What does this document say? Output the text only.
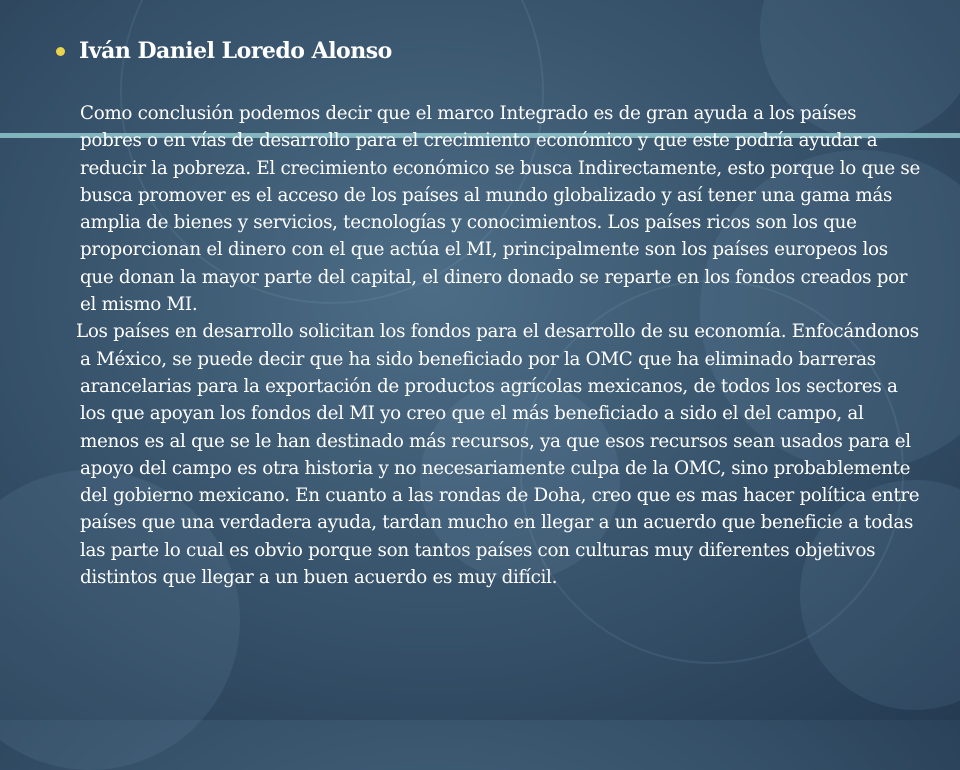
Iván Daniel Loredo Alonso

Como conclusión podemos decir que el marco Integrado es de gran ayuda a los países pobres o en vías de desarrollo para el crecimiento económico y que este podría ayudar a reducir la pobreza. El crecimiento económico se busca Indirectamente, esto porque lo que se busca promover es el acceso de los países al mundo globalizado y así tener una gama más amplia de bienes y servicios, tecnologías y conocimientos. Los países ricos son los que proporcionan el dinero con el que actúa el MI, principalmente son los países europeos los que donan la mayor parte del capital, el dinero donado se reparte en los fondos creados por el mismo MI.

Los países en desarrollo solicitan los fondos para el desarrollo de su economía. Enfocándonos a México, se puede decir que ha sido beneficiado por la OMC que ha eliminado barreras arancelarias para la exportación de productos agrícolas mexicanos, de todos los sectores a los que apoyan los fondos del MI yo creo que el más beneficiado a sido el del campo, al menos es al que se le han destinado más recursos, ya que esos recursos sean usados para el apoyo del campo es otra historia y no necesariamente culpa de la OMC, sino probablemente del gobierno mexicano. En cuanto a las rondas de Doha, creo que es mas hacer política entre países que una verdadera ayuda, tardan mucho en llegar a un acuerdo que beneficie a todas las parte lo cual es obvio porque son tantos países con culturas muy diferentes objetivos distintos que llegar a un buen acuerdo es muy difícil.
